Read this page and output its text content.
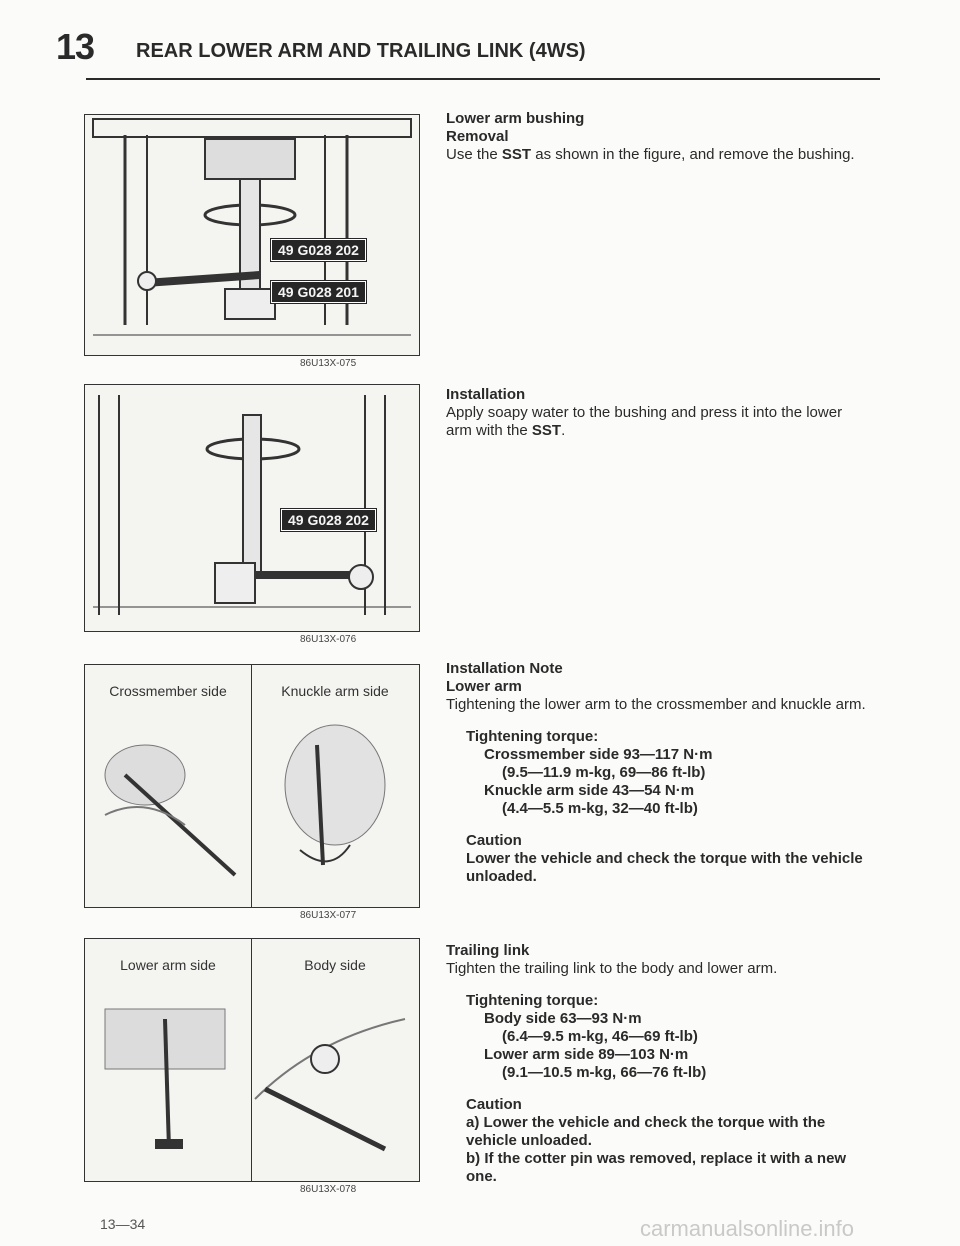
13 REAR LOWER ARM AND TRAILING LINK (4WS)
49 G028 202
49 G028 201
86U13X-075
49 G028 202
86U13X-076
Crossmember side	Knuckle arm side
86U13X-077
Lower arm side	Body side
86U13X-078
Lower arm bushing
Removal
Use the SST as shown in the figure, and remove the bushing.
Installation
Apply soapy water to the bushing and press it into the lower arm with the SST.
Installation Note
Lower arm
Tightening the lower arm to the crossmember and knuckle arm.
Tightening torque:
Crossmember side 93—117 N·m
(9.5—11.9 m-kg, 69—86 ft-lb)
Knuckle arm side 43—54 N·m
(4.4—5.5 m-kg, 32—40 ft-lb)
Caution
Lower the vehicle and check the torque with the vehicle unloaded.
Trailing link
Tighten the trailing link to the body and lower arm.
Tightening torque:
Body side 63—93 N·m
(6.4—9.5 m-kg, 46—69 ft-lb)
Lower arm side 89—103 N·m
(9.1—10.5 m-kg, 66—76 ft-lb)
Caution
a) Lower the vehicle and check the torque with the vehicle unloaded.
b) If the cotter pin was removed, replace it with a new one.
13—34	carmanualsonline.info
